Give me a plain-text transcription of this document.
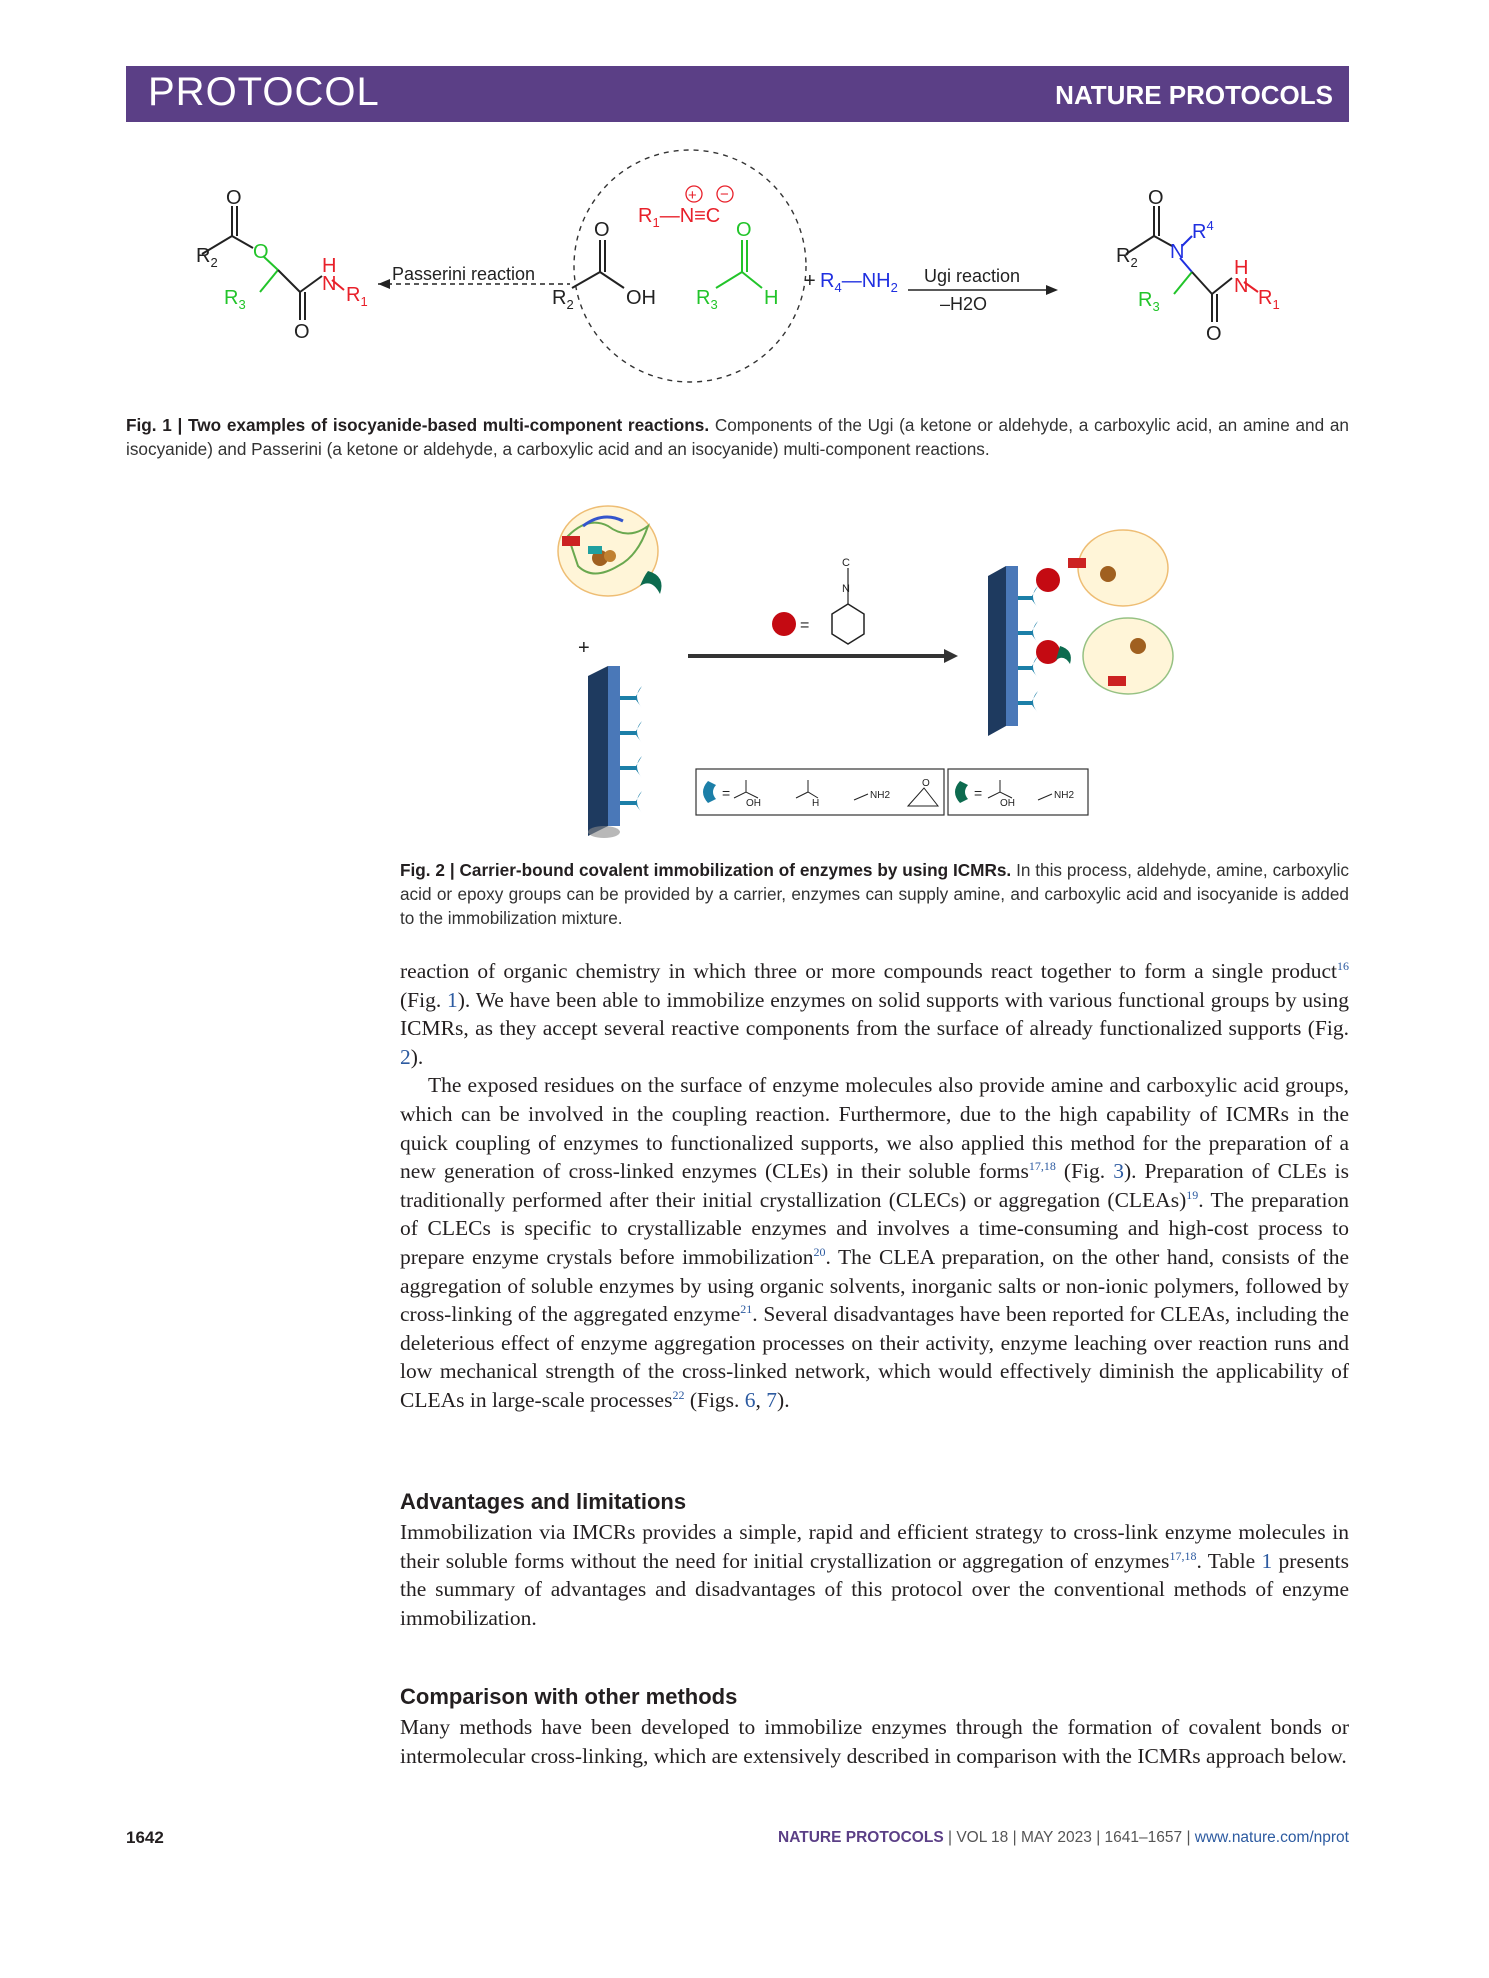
PROTOCOL	NATURE PROTOCOLS
O
$R_2$ O
H
N $R_1$
$R_3$
O
Passerini reaction
$R_1—N\equiv C$
+ −
O
$R_2$	OH
O
$R_3$ H
+ $R_4—NH_2$
Ugi reaction
–H2O
O
$R_2$ N
$R^4$
H
N
$R_1$
$R_3$
O
Fig. 1 | Two examples of isocyanide-based multi-component reactions. Components of the Ugi (a ketone or aldehyde, a carboxylic acid, an amine and an isocyanide) and Passerini (a ketone or aldehyde, a carboxylic acid and an isocyanide) multi-component reactions.
+
=
C
N
=
OH	H
NH2
O
=
OH
NH2
Fig. 2 | Carrier-bound covalent immobilization of enzymes by using ICMRs. In this process, aldehyde, amine, carboxylic acid or epoxy groups can be provided by a carrier, enzymes can supply amine, and carboxylic acid and isocyanide is added to the immobilization mixture.

reaction of organic chemistry in which three or more compounds react together to form a single product$^{16}$ (Fig. 1). We have been able to immobilize enzymes on solid supports with various functional groups by using ICMRs, as they accept several reactive components from the surface of already functionalized supports (Fig. 2).

The exposed residues on the surface of enzyme molecules also provide amine and carboxylic acid groups, which can be involved in the coupling reaction. Furthermore, due to the high capability of ICMRs in the quick coupling of enzymes to functionalized supports, we also applied this method for the preparation of a new generation of cross-linked enzymes (CLEs) in their soluble forms$^{17,18}$ (Fig. 3). Preparation of CLEs is traditionally performed after their initial crystallization (CLECs) or aggregation (CLEAs)$^{19}$. The preparation of CLECs is specific to crystallizable enzymes and involves a time-consuming and high-cost process to prepare enzyme crystals before immobilization$^{20}$. The CLEA preparation, on the other hand, consists of the aggregation of soluble enzymes by using organic solvents, inorganic salts or non-ionic polymers, followed by cross-linking of the aggregated enzyme$^{21}$. Several disadvantages have been reported for CLEAs, including the deleterious effect of enzyme aggregation processes on their activity, enzyme leaching over reaction runs and low mechanical strength of the cross-linked network, which would effectively diminish the applicability of CLEAs in large-scale processes$^{22}$ (Figs. 6, 7).

Advantages and limitations
Immobilization via IMCRs provides a simple, rapid and efficient strategy to cross-link enzyme molecules in their soluble forms without the need for initial crystallization or aggregation of enzymes$^{17,18}$. Table 1 presents the summary of advantages and disadvantages of this protocol over the conventional methods of enzyme immobilization.
Comparison with other methods
Many methods have been developed to immobilize enzymes through the formation of covalent bonds or intermolecular cross-linking, which are extensively described in comparison with the ICMRs approach below.
1642	NATURE PROTOCOLS | VOL 18 | MAY 2023 | 1641–1657 | www.nature.com/nprot
